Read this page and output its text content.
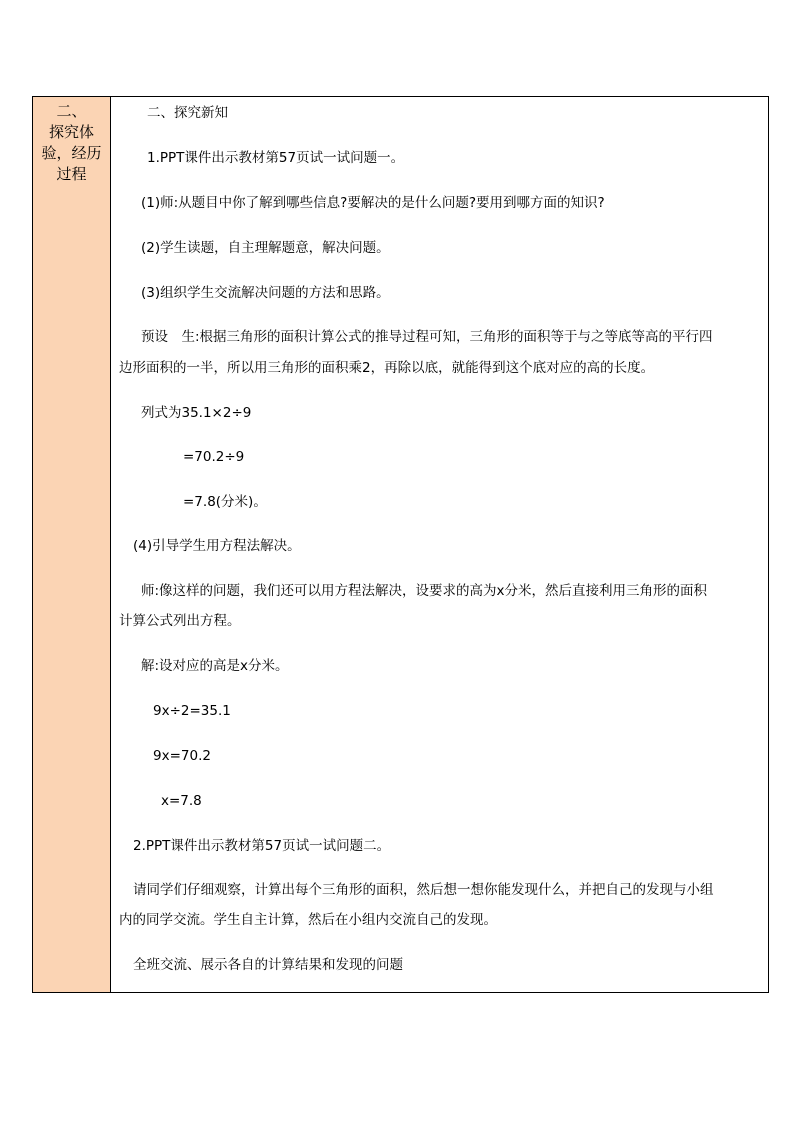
二、
探究体
验，经历
过程
二、探究新知
1.PPT课件出示教材第57页试一试问题一。
(1)师:从题目中你了解到哪些信息?要解决的是什么问题?要用到哪方面的知识?
(2)学生读题，自主理解题意，解决问题。
(3)组织学生交流解决问题的方法和思路。
预设　生:根据三角形的面积计算公式的推导过程可知，三角形的面积等于与之等底等高的平行四
边形面积的一半，所以用三角形的面积乘2，再除以底，就能得到这个底对应的高的长度。
列式为35.1×2÷9
=70.2÷9
=7.8(分米)。
(4)引导学生用方程法解决。
师:像这样的问题，我们还可以用方程法解决，设要求的高为x分米，然后直接利用三角形的面积
计算公式列出方程。
解:设对应的高是x分米。
9x÷2=35.1
9x=70.2
x=7.8
2.PPT课件出示教材第57页试一试问题二。
请同学们仔细观察，计算出每个三角形的面积，然后想一想你能发现什么，并把自己的发现与小组
内的同学交流。学生自主计算，然后在小组内交流自己的发现。
全班交流、展示各自的计算结果和发现的问题
